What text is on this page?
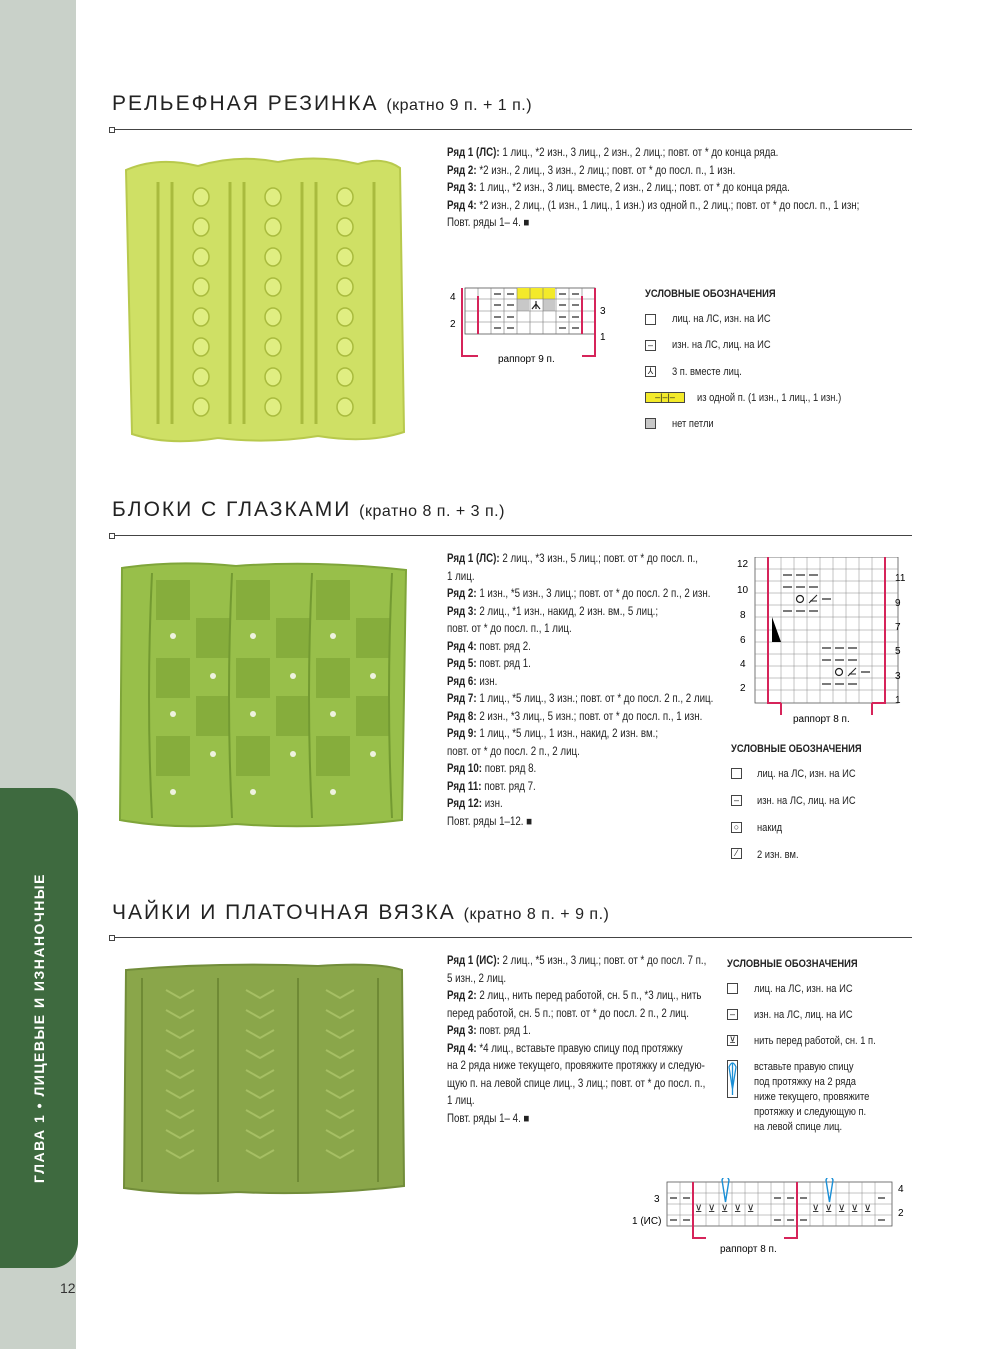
ГЛАВА 1 • ЛИЦЕВЫЕ И ИЗНАНОЧНЫЕ
12
РЕЛЬЕФНАЯ РЕЗИНКА (кратно 9 п. + 1 п.)
Ряд 1 (ЛС): 1 лиц., *2 изн., 3 лиц., 2 изн., 2 лиц.; повт. от * до конца ряда.
Ряд 2: *2 изн., 2 лиц., 3 изн., 2 лиц.; повт. от * до посл. п., 1 изн.
Ряд 3: 1 лиц., *2 изн., 3 лиц. вместе, 2 изн., 2 лиц.; повт. от * до конца ряда.
Ряд 4: *2 изн., 2 лиц., (1 изн., 1 лиц., 1 изн.) из одной п., 2 лиц.; повт. от * до посл. п., 1 изн;
Повт. ряды 1– 4. ■
4
2
3
1
раппорт 9 п.
УСЛОВНЫЕ ОБОЗНАЧЕНИЯ
лиц. на ЛС, изн. на ИС
– изн. на ЛС, лиц. на ИС
⅄ 3 п. вместе лиц.
–|–|–	из одной п. (1 изн., 1 лиц., 1 изн.)
нет петли
БЛОКИ С ГЛАЗКАМИ (кратно 8 п. + 3 п.)
Ряд 1 (ЛС): 2 лиц., *3 изн., 5 лиц.; повт. от * до посл. п.,
1 лиц.
Ряд 2: 1 изн., *5 изн., 3 лиц.; повт. от * до посл. 2 п., 2 изн.
Ряд 3: 2 лиц., *1 изн., накид, 2 изн. вм., 5 лиц.;
повт. от * до посл. п., 1 лиц.
Ряд 4: повт. ряд 2.
Ряд 5: повт. ряд 1.
Ряд 6: изн.
Ряд 7: 1 лиц., *5 лиц., 3 изн.; повт. от * до посл. 2 п., 2 лиц.
Ряд 8: 2 изн., *3 лиц., 5 изн.; повт. от * до посл. п., 1 изн.
Ряд 9: 1 лиц., *5 лиц., 1 изн., накид, 2 изн. вм.;
повт. от * до посл. 2 п., 2 лиц.
Ряд 10: повт. ряд 8.
Ряд 11: повт. ряд 7.
Ряд 12: изн.
Повт. ряды 1–12. ■
12
10
8
6
4
2
11
9
7
5
3
1
раппорт 8 п.
УСЛОВНЫЕ ОБОЗНАЧЕНИЯ
лиц. на ЛС, изн. на ИС
– изн. на ЛС, лиц. на ИС
○ накид
⁄	2 изн. вм.
ЧАЙКИ И ПЛАТОЧНАЯ ВЯЗКА (кратно 8 п. + 9 п.)
Ряд 1 (ИС): 2 лиц., *5 изн., 3 лиц.; повт. от * до посл. 7 п.,
5 изн., 2 лиц.
Ряд 2: 2 лиц., нить перед работой, сн. 5 п., *3 лиц., нить
перед работой, сн. 5 п.; повт. от * до посл. 2 п., 2 лиц.
Ряд 3: повт. ряд 1.
Ряд 4: *4 лиц., вставьте правую спицу под протяжку
на 2 ряда ниже текущего, провяжите протяжку и следую-
щую п. на левой спице лиц., 3 лиц.; повт. от * до посл. п.,
1 лиц.
Повт. ряды 1– 4. ■
УСЛОВНЫЕ ОБОЗНАЧЕНИЯ
лиц. на ЛС, изн. на ИС
– изн. на ЛС, лиц. на ИС
⊻ нить перед работой, сн. 1 п.
вставьте правую спицу
под протяжку на 2 ряда
ниже текущего, провяжите
протяжку и следующую п.
на левой спице лиц.
⊻ ⊻ ⊻ ⊻ ⊻	⊻ ⊻ ⊻ ⊻ ⊻
3
1 (ИС)
4
2
раппорт 8 п.
